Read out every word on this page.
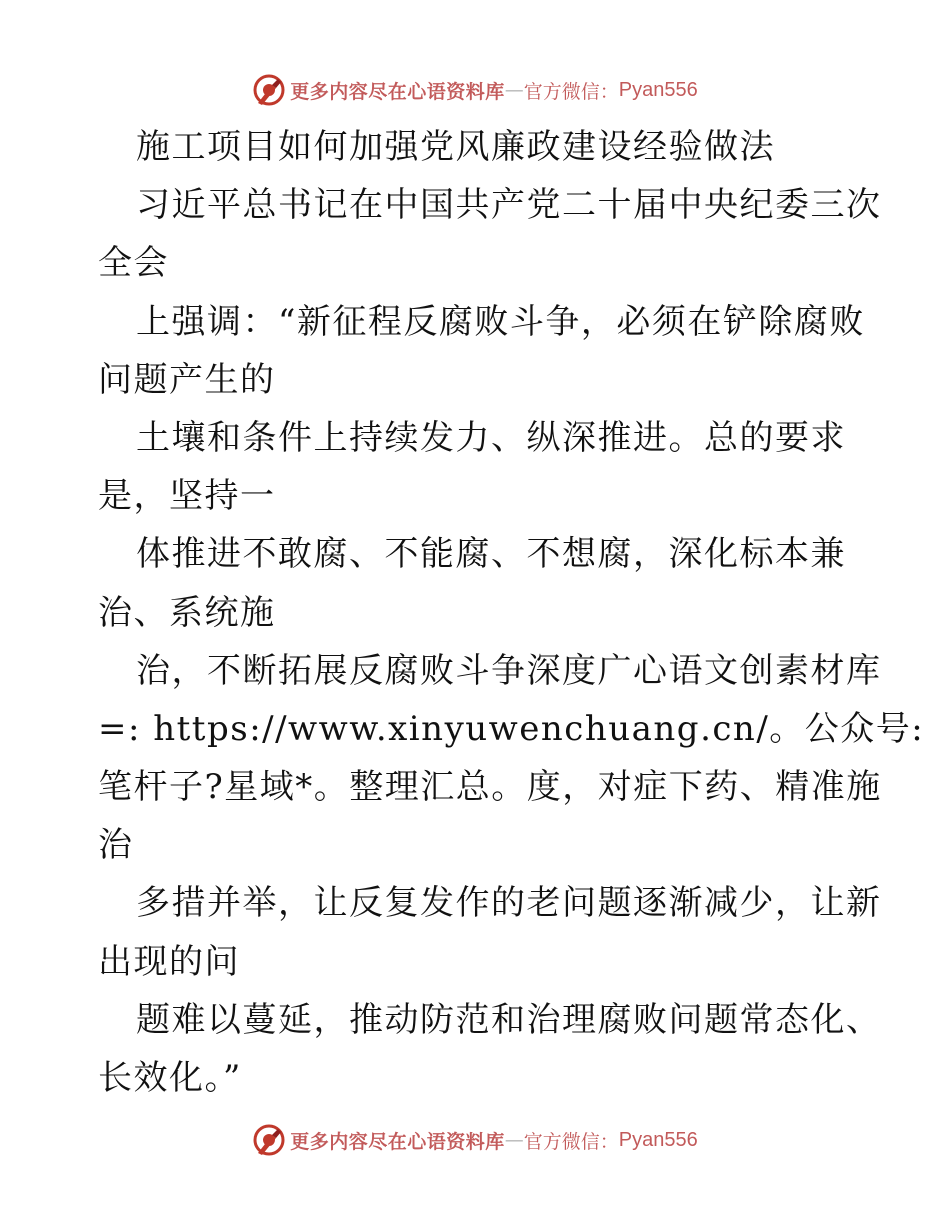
更多内容尽在心语资料库 — 官方微信： Pyan556
施工项目如何加强党风廉政建设经验做法
习近平总书记在中国共产党二十届中央纪委三次
全会
上强调：“新征程反腐败斗争，必须在铲除腐败
问题产生的
土壤和条件上持续发力、纵深推进。总的要求
是，坚持一
体推进不敢腐、不能腐、不想腐，深化标本兼
治、系统施
治，不断拓展反腐败斗争深度广心语文创素材库
=: https://www.xinyuwenchuang.cn/。公众号:
笔杆子?星域*。整理汇总。度，对症下药、精准施
治
多措并举，让反复发作的老问题逐渐减少，让新
出现的问
题难以蔓延，推动防范和治理腐败问题常态化、
长效化。”
更多内容尽在心语资料库 — 官方微信： Pyan556
